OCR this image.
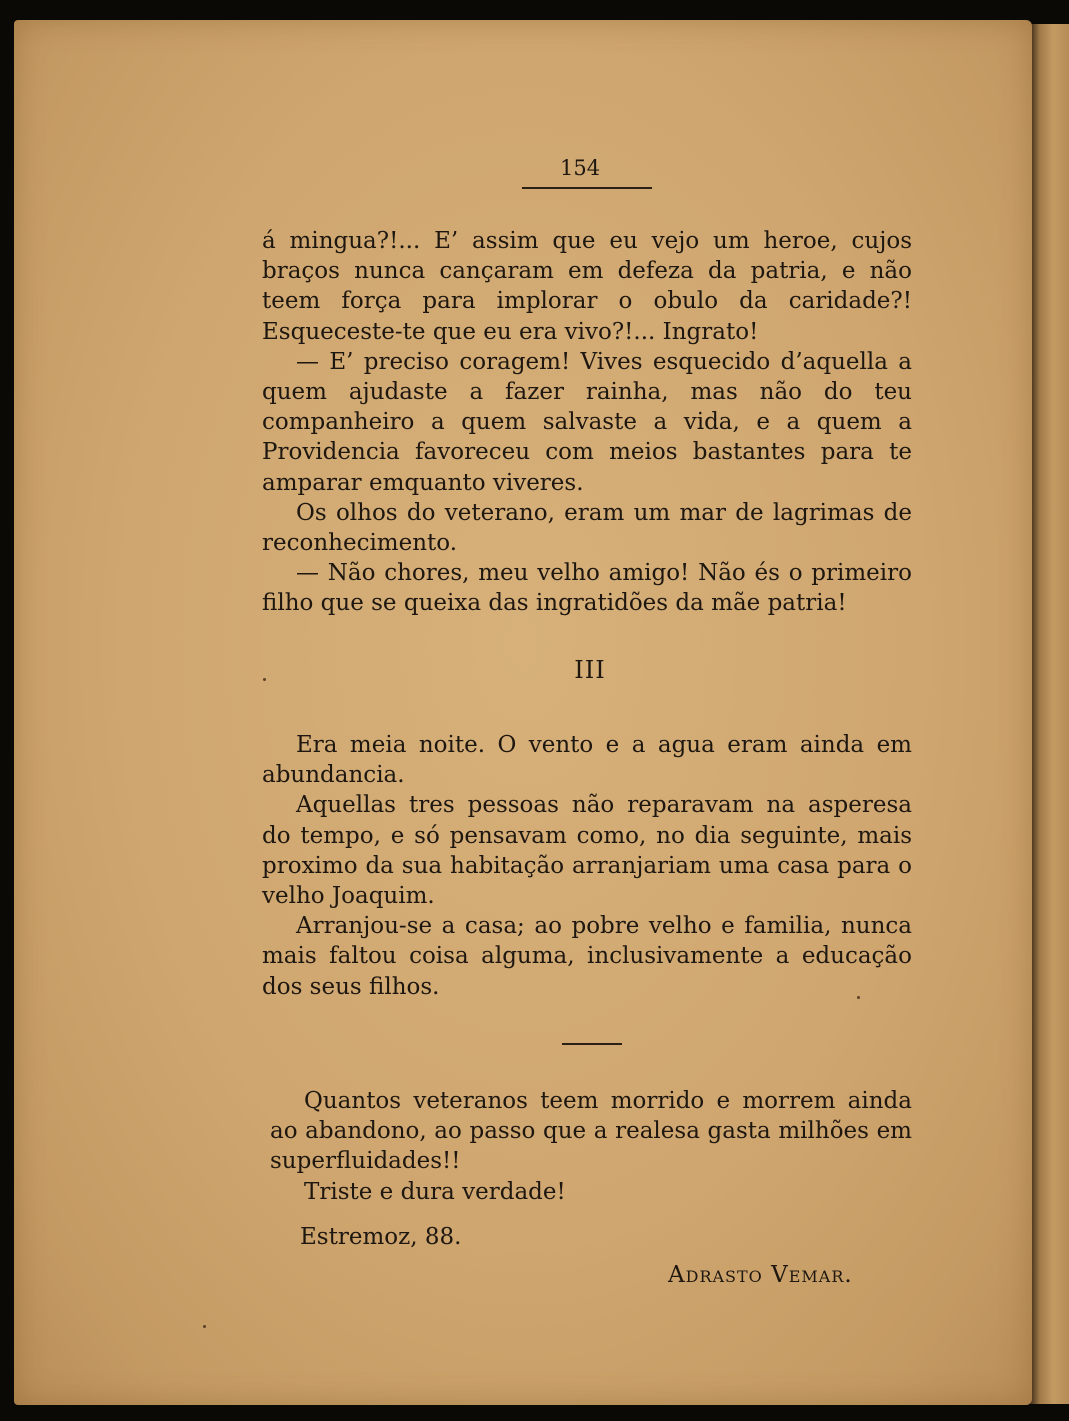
154

á mingua?!... E’ assim que eu vejo um heroe, cujos braços nunca cançaram em defeza da patria, e não teem força para implorar o obulo da caridade?! Esqueceste-te que eu era vivo?!... Ingrato!

— E’ preciso coragem! Vives esquecido d’aquella a quem ajudaste a fazer rainha, mas não do teu companheiro a quem salvaste a vida, e a quem a Providencia favoreceu com meios bastantes para te amparar emquanto viveres.

Os olhos do veterano, eram um mar de lagrimas de reconhecimento.

— Não chores, meu velho amigo! Não és o primeiro filho que se queixa das ingratidões da mãe patria!

III

Era meia noite. O vento e a agua eram ainda em abundancia.

Aquellas tres pessoas não reparavam na asperesa do tempo, e só pensavam como, no dia seguinte, mais proximo da sua habitação arranjariam uma casa para o velho Joaquim.

Arranjou-se a casa; ao pobre velho e familia, nunca mais faltou coisa alguma, inclusivamente a educação dos seus filhos.

Quantos veteranos teem morrido e morrem ainda ao abandono, ao passo que a realesa gasta milhões em superfluidades!!

Triste e dura verdade!

Estremoz, 88.
Adrasto Vemar.
